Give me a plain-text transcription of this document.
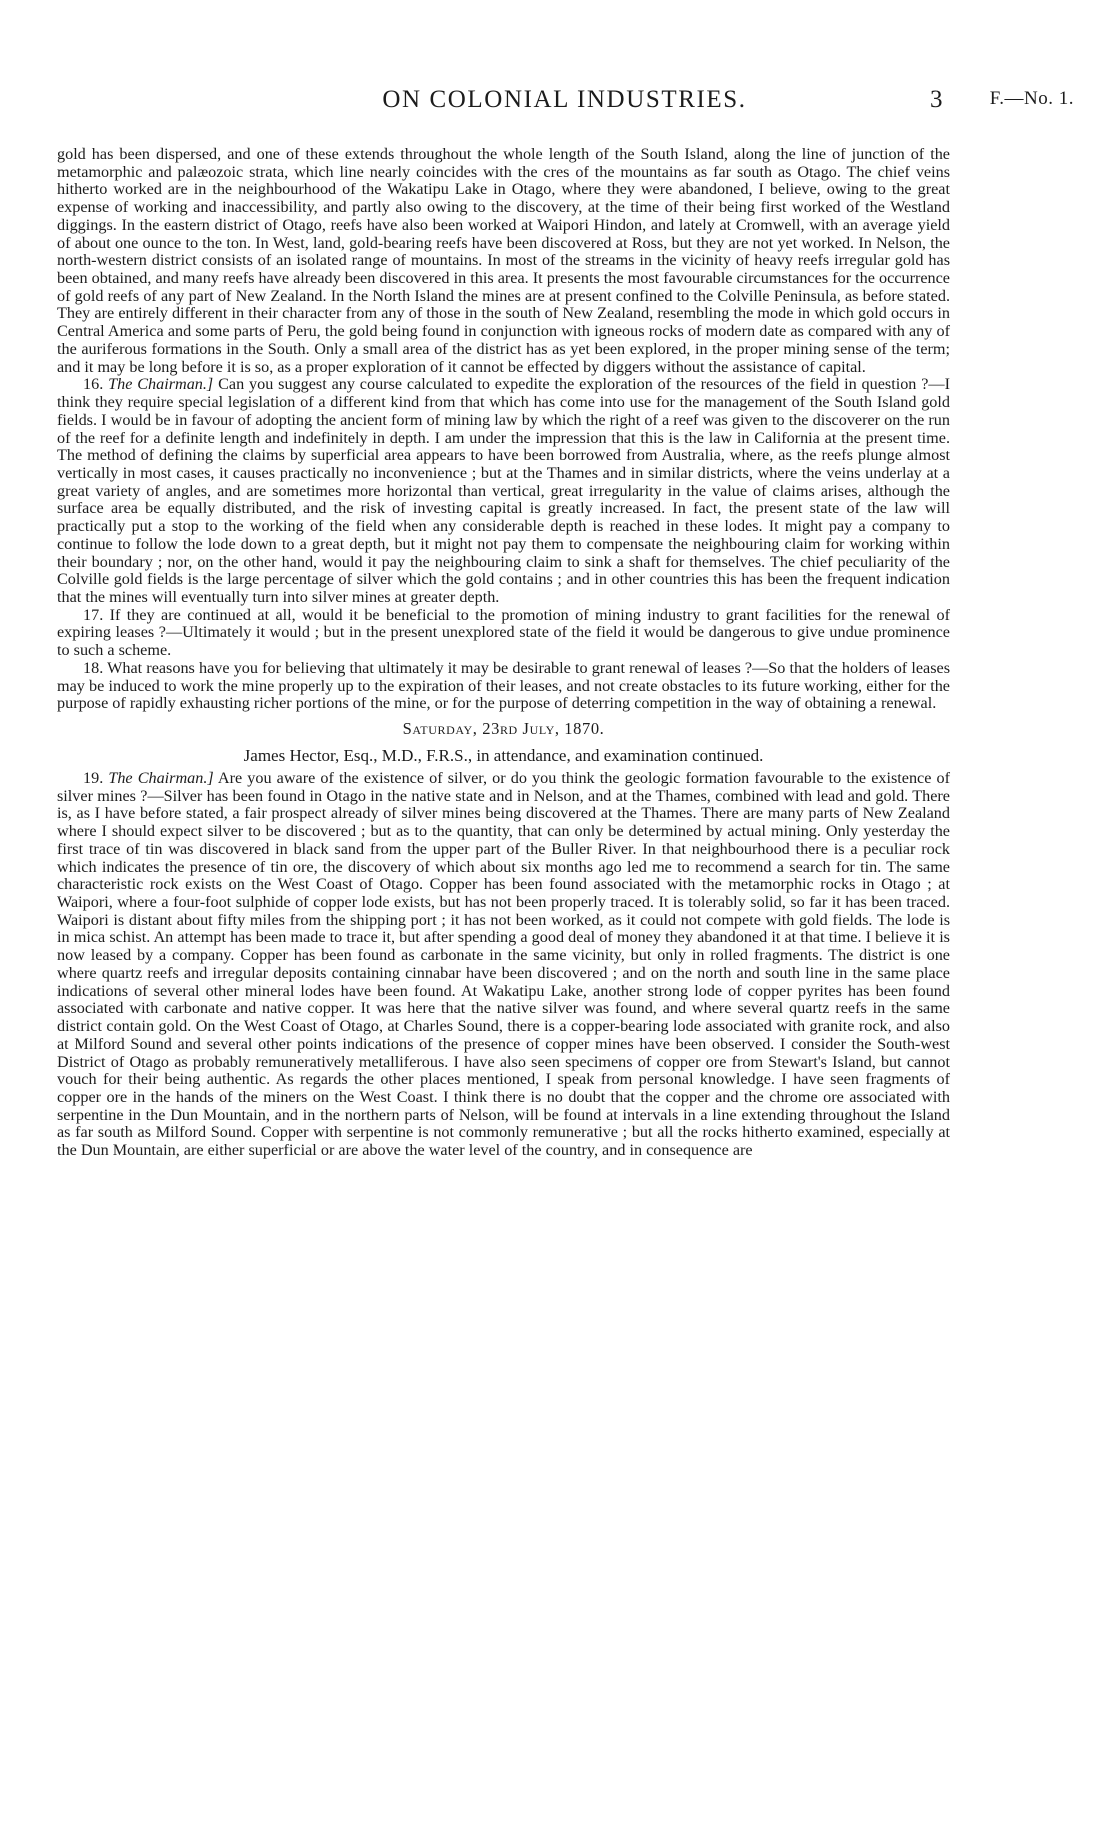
ON COLONIAL INDUSTRIES.	3 F.—No. 1.

gold has been dispersed, and one of these extends throughout the whole length of the South Island, along the line of junction of the metamorphic and palæozoic strata, which line nearly coincides with the cres of the mountains as far south as Otago. The chief veins hitherto worked are in the neighbourhood of the Wakatipu Lake in Otago, where they were abandoned, I believe, owing to the great expense of working and inaccessibility, and partly also owing to the discovery, at the time of their being first worked of the Westland diggings. In the eastern district of Otago, reefs have also been worked at Waipori Hindon, and lately at Cromwell, with an average yield of about one ounce to the ton. In West, land, gold-bearing reefs have been discovered at Ross, but they are not yet worked. In Nelson, the north-western district consists of an isolated range of mountains. In most of the streams in the vicinity of heavy reefs irregular gold has been obtained, and many reefs have already been discovered in this area. It presents the most favourable circumstances for the occurrence of gold reefs of any part of New Zealand. In the North Island the mines are at present confined to the Colville Peninsula, as before stated. They are entirely different in their character from any of those in the south of New Zealand, resembling the mode in which gold occurs in Central America and some parts of Peru, the gold being found in conjunction with igneous rocks of modern date as compared with any of the auriferous formations in the South. Only a small area of the district has as yet been explored, in the proper mining sense of the term; and it may be long before it is so, as a proper exploration of it cannot be effected by diggers without the assistance of capital.

16. The Chairman.] Can you suggest any course calculated to expedite the exploration of the resources of the field in question ?—I think they require special legislation of a different kind from that which has come into use for the management of the South Island gold fields. I would be in favour of adopting the ancient form of mining law by which the right of a reef was given to the discoverer on the run of the reef for a definite length and indefinitely in depth. I am under the impression that this is the law in California at the present time. The method of defining the claims by superficial area appears to have been borrowed from Australia, where, as the reefs plunge almost vertically in most cases, it causes practically no inconvenience ; but at the Thames and in similar districts, where the veins underlay at a great variety of angles, and are sometimes more horizontal than vertical, great irregularity in the value of claims arises, although the surface area be equally distributed, and the risk of investing capital is greatly increased. In fact, the present state of the law will practically put a stop to the working of the field when any considerable depth is reached in these lodes. It might pay a company to continue to follow the lode down to a great depth, but it might not pay them to compensate the neighbouring claim for working within their boundary ; nor, on the other hand, would it pay the neighbouring claim to sink a shaft for themselves. The chief peculiarity of the Colville gold fields is the large percentage of silver which the gold contains ; and in other countries this has been the frequent indication that the mines will eventually turn into silver mines at greater depth.

17. If they are continued at all, would it be beneficial to the promotion of mining industry to grant facilities for the renewal of expiring leases ?—Ultimately it would ; but in the present unexplored state of the field it would be dangerous to give undue prominence to such a scheme.

18. What reasons have you for believing that ultimately it may be desirable to grant renewal of leases ?—So that the holders of leases may be induced to work the mine properly up to the expiration of their leases, and not create obstacles to its future working, either for the purpose of rapidly exhausting richer portions of the mine, or for the purpose of deterring competition in the way of obtaining a renewal.

Saturday, 23rd July, 1870.

James Hector, Esq., M.D., F.R.S., in attendance, and examination continued.

19. The Chairman.] Are you aware of the existence of silver, or do you think the geologic formation favourable to the existence of silver mines ?—Silver has been found in Otago in the native state and in Nelson, and at the Thames, combined with lead and gold. There is, as I have before stated, a fair prospect already of silver mines being discovered at the Thames. There are many parts of New Zealand where I should expect silver to be discovered ; but as to the quantity, that can only be determined by actual mining. Only yesterday the first trace of tin was discovered in black sand from the upper part of the Buller River. In that neighbourhood there is a peculiar rock which indicates the presence of tin ore, the discovery of which about six months ago led me to recommend a search for tin. The same characteristic rock exists on the West Coast of Otago. Copper has been found associated with the metamorphic rocks in Otago ; at Waipori, where a four-foot sulphide of copper lode exists, but has not been properly traced. It is tolerably solid, so far it has been traced. Waipori is distant about fifty miles from the shipping port ; it has not been worked, as it could not compete with gold fields. The lode is in mica schist. An attempt has been made to trace it, but after spending a good deal of money they abandoned it at that time. I believe it is now leased by a company. Copper has been found as carbonate in the same vicinity, but only in rolled fragments. The district is one where quartz reefs and irregular deposits containing cinnabar have been discovered ; and on the north and south line in the same place indications of several other mineral lodes have been found. At Wakatipu Lake, another strong lode of copper pyrites has been found associated with carbonate and native copper. It was here that the native silver was found, and where several quartz reefs in the same district contain gold. On the West Coast of Otago, at Charles Sound, there is a copper-bearing lode associated with granite rock, and also at Milford Sound and several other points indications of the presence of copper mines have been observed. I consider the South-west District of Otago as probably remuneratively metalliferous. I have also seen specimens of copper ore from Stewart's Island, but cannot vouch for their being authentic. As regards the other places mentioned, I speak from personal knowledge. I have seen fragments of copper ore in the hands of the miners on the West Coast. I think there is no doubt that the copper and the chrome ore associated with serpentine in the Dun Mountain, and in the northern parts of Nelson, will be found at intervals in a line extending throughout the Island as far south as Milford Sound. Copper with serpentine is not commonly remunerative ; but all the rocks hitherto examined, especially at the Dun Mountain, are either superficial or are above the water level of the country, and in consequence are
